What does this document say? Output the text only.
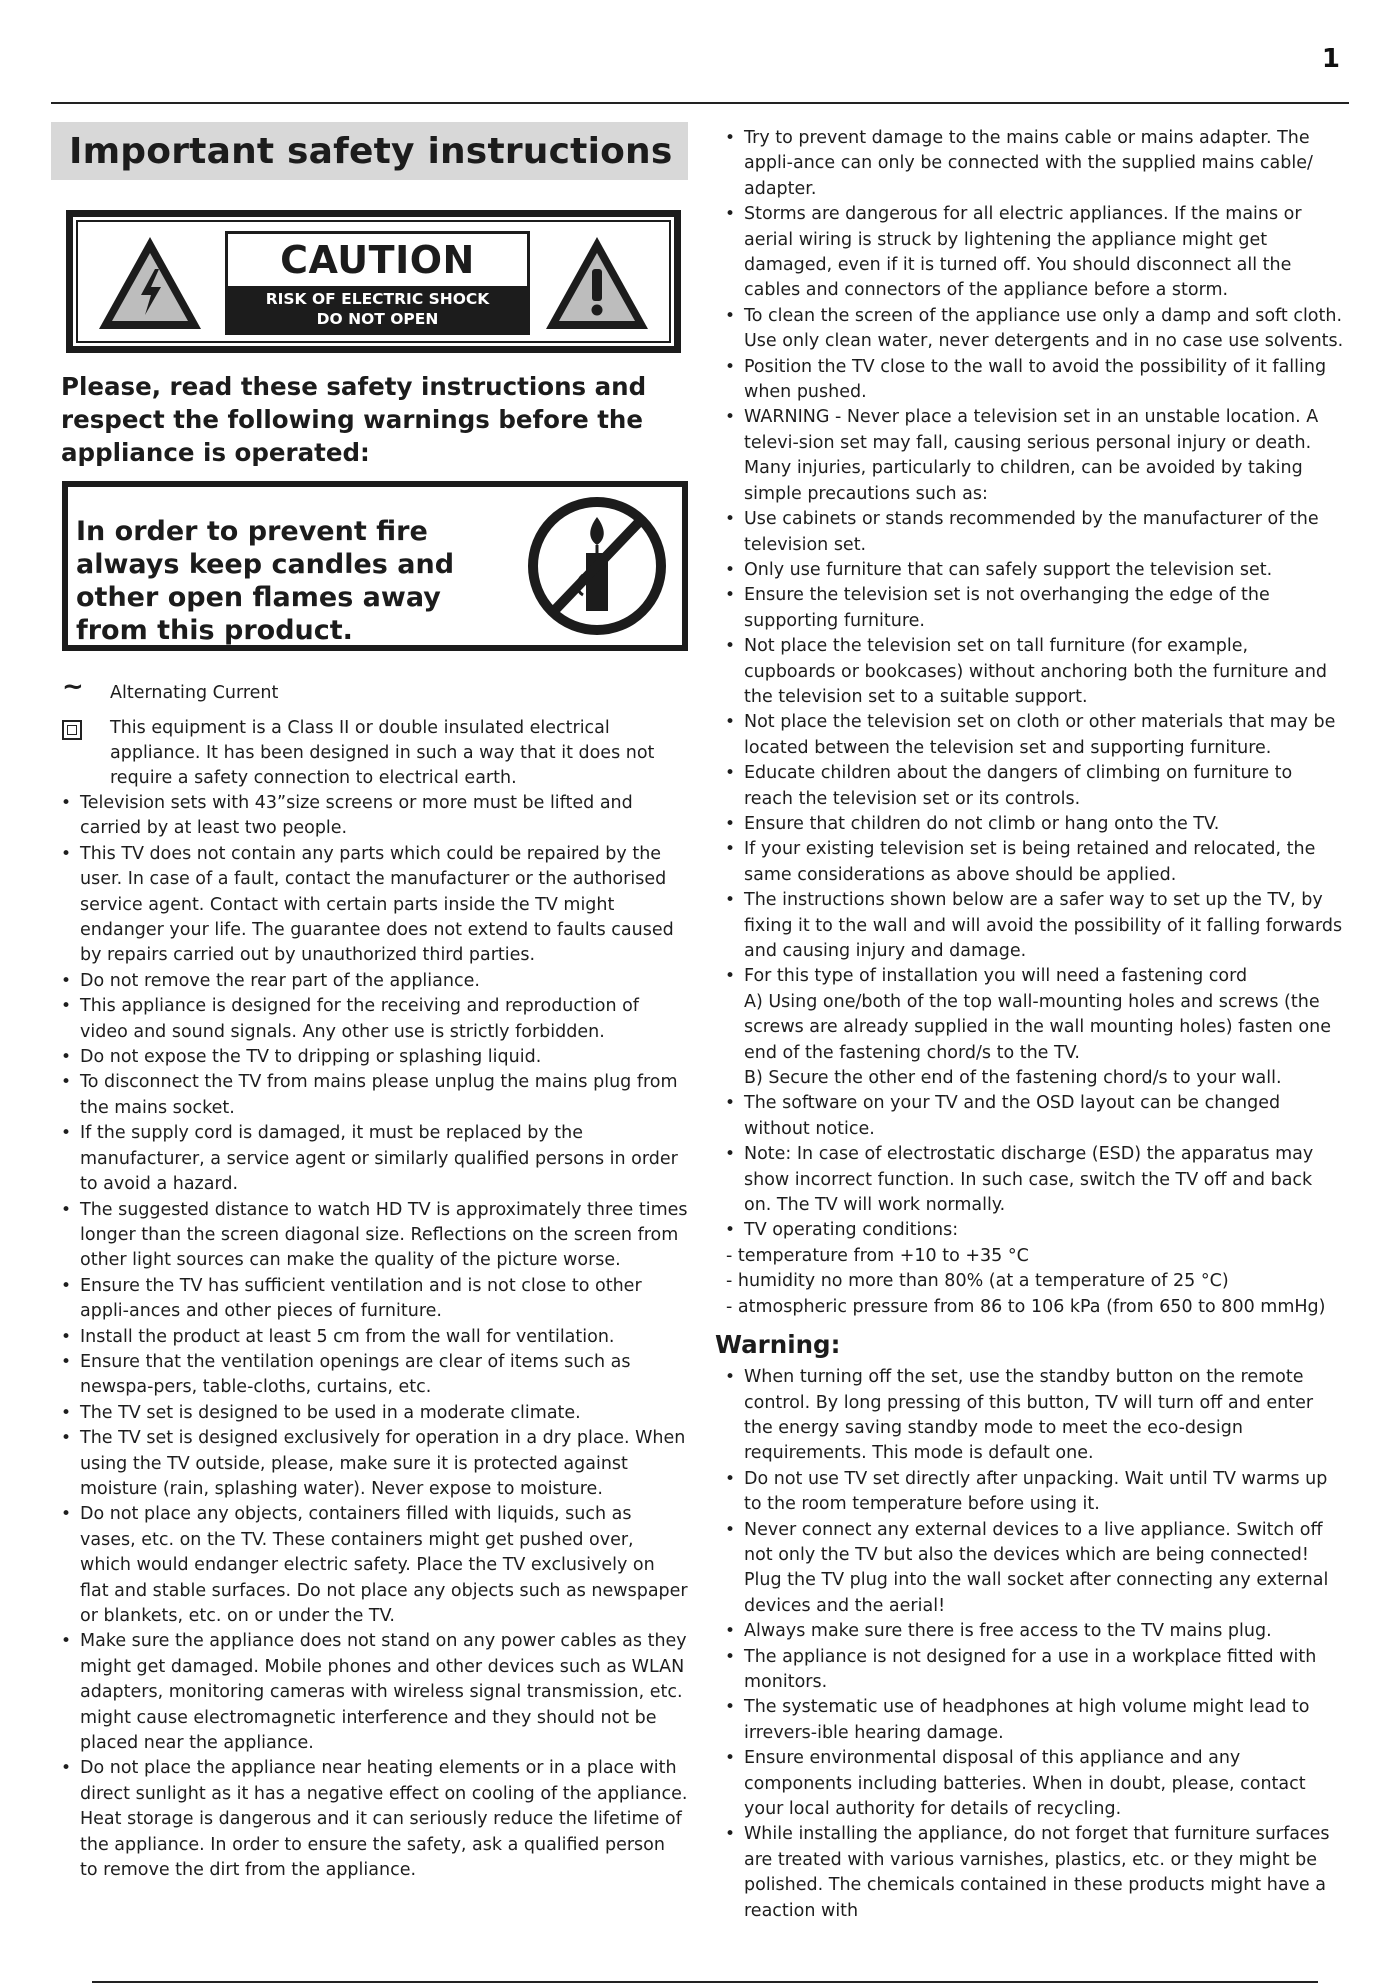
1
Important safety instructions
CAUTION
RISK OF ELECTRIC SHOCK
DO NOT OPEN
Please, read these safety instructions and respect the following warnings before the appliance is operated:
In order to prevent fire always keep candles and other open flames away from this product.
~ Alternating Current
This equipment is a Class II or double insulated electrical appliance. It has been designed in such a way that it does not require a safety connection to electrical earth.
• Television sets with 43”size screens or more must be lifted and carried by at least two people.
• This TV does not contain any parts which could be repaired by the user. In case of a fault, contact the manufacturer or the authorised service agent. Contact with certain parts inside the TV might endanger your life. The guarantee does not extend to faults caused by repairs carried out by unauthorized third parties.
• Do not remove the rear part of the appliance.
• This appliance is designed for the receiving and reproduction of video and sound signals. Any other use is strictly forbidden.
• Do not expose the TV to dripping or splashing liquid.
• To disconnect the TV from mains please unplug the mains plug from the mains socket.
• If the supply cord is damaged, it must be replaced by the manufacturer, a service agent or similarly qualified persons in order to avoid a hazard.
• The suggested distance to watch HD TV is approximately three times longer than the screen diagonal size. Reflections on the screen from other light sources can make the quality of the picture worse.
• Ensure the TV has sufficient ventilation and is not close to other appli-ances and other pieces of furniture.
• Install the product at least 5 cm from the wall for ventilation.
• Ensure that the ventilation openings are clear of items such as newspa-pers, table-cloths, curtains, etc.
• The TV set is designed to be used in a moderate climate.
• The TV set is designed exclusively for operation in a dry place. When using the TV outside, please, make sure it is protected against moisture (rain, splashing water). Never expose to moisture.
• Do not place any objects, containers filled with liquids, such as vases, etc. on the TV. These containers might get pushed over, which would endanger electric safety. Place the TV exclusively on flat and stable surfaces. Do not place any objects such as newspaper or blankets, etc. on or under the TV.
• Make sure the appliance does not stand on any power cables as they might get damaged. Mobile phones and other devices such as WLAN adapters, monitoring cameras with wireless signal transmission, etc. might cause electromagnetic interference and they should not be placed near the appliance.
• Do not place the appliance near heating elements or in a place with direct sunlight as it has a negative effect on cooling of the appliance. Heat storage is dangerous and it can seriously reduce the lifetime of the appliance. In order to ensure the safety, ask a qualified person to remove the dirt from the appliance.
• Try to prevent damage to the mains cable or mains adapter. The appli-ance can only be connected with the supplied mains cable/ adapter.
• Storms are dangerous for all electric appliances. If the mains or aerial wiring is struck by lightening the appliance might get damaged, even if it is turned off. You should disconnect all the cables and connectors of the appliance before a storm.
• To clean the screen of the appliance use only a damp and soft cloth. Use only clean water, never detergents and in no case use solvents.
• Position the TV close to the wall to avoid the possibility of it falling when pushed.
• WARNING - Never place a television set in an unstable location. A televi-sion set may fall, causing serious personal injury or death. Many injuries, particularly to children, can be avoided by taking simple precautions such as:
• Use cabinets or stands recommended by the manufacturer of the television set.
• Only use furniture that can safely support the television set.
• Ensure the television set is not overhanging the edge of the supporting furniture.
• Not place the television set on tall furniture (for example, cupboards or bookcases) without anchoring both the furniture and the television set to a suitable support.
• Not place the television set on cloth or other materials that may be located between the television set and supporting furniture.
• Educate children about the dangers of climbing on furniture to reach the television set or its controls.
• Ensure that children do not climb or hang onto the TV.
• If your existing television set is being retained and relocated, the same considerations as above should be applied.
• The instructions shown below are a safer way to set up the TV, by fixing it to the wall and will avoid the possibility of it falling forwards and causing injury and damage.
• For this type of installation you will need a fastening cord
A) Using one/both of the top wall-mounting holes and screws (the screws are already supplied in the wall mounting holes) fasten one end of the fastening chord/s to the TV.
B) Secure the other end of the fastening chord/s to your wall.
• The software on your TV and the OSD layout can be changed without notice.
• Note: In case of electrostatic discharge (ESD) the apparatus may show incorrect function. In such case, switch the TV off and back on. The TV will work normally.
• TV operating conditions:
- temperature from +10 to +35 °C
- humidity no more than 80% (at a temperature of 25 °C)
- atmospheric pressure from 86 to 106 kPa (from 650 to 800 mmHg)
Warning:
• When turning off the set, use the standby button on the remote control. By long pressing of this button, TV will turn off and enter the energy saving standby mode to meet the eco-design requirements. This mode is default one.
• Do not use TV set directly after unpacking. Wait until TV warms up to the room temperature before using it.
• Never connect any external devices to a live appliance. Switch off not only the TV but also the devices which are being connected! Plug the TV plug into the wall socket after connecting any external devices and the aerial!
• Always make sure there is free access to the TV mains plug.
• The appliance is not designed for a use in a workplace fitted with monitors.
• The systematic use of headphones at high volume might lead to irrevers-ible hearing damage.
• Ensure environmental disposal of this appliance and any components including batteries. When in doubt, please, contact your local authority for details of recycling.
• While installing the appliance, do not forget that furniture surfaces are treated with various varnishes, plastics, etc. or they might be polished. The chemicals contained in these products might have a reaction with
